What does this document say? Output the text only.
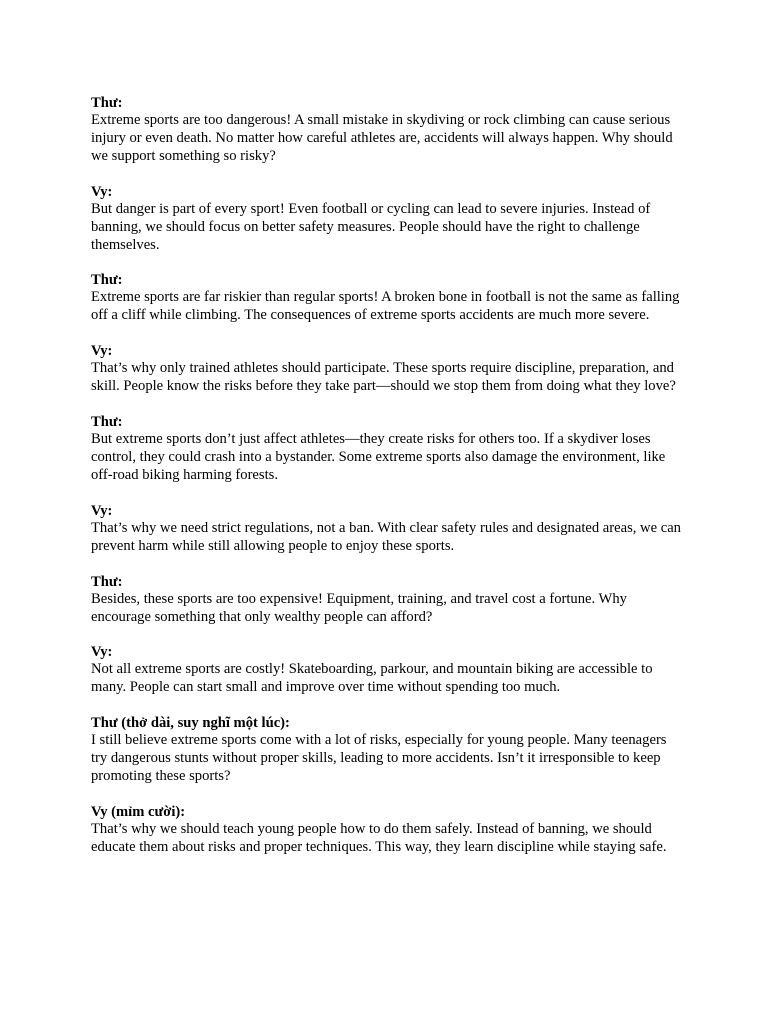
Thư:
Extreme sports are too dangerous! A small mistake in skydiving or rock climbing can cause serious injury or even death. No matter how careful athletes are, accidents will always happen. Why should we support something so risky?
Vy:
But danger is part of every sport! Even football or cycling can lead to severe injuries. Instead of banning, we should focus on better safety measures. People should have the right to challenge themselves.
Thư:
Extreme sports are far riskier than regular sports! A broken bone in football is not the same as falling off a cliff while climbing. The consequences of extreme sports accidents are much more severe.
Vy:
That’s why only trained athletes should participate. These sports require discipline, preparation, and skill. People know the risks before they take part—should we stop them from doing what they love?
Thư:
But extreme sports don’t just affect athletes—they create risks for others too. If a skydiver loses control, they could crash into a bystander. Some extreme sports also damage the environment, like off-road biking harming forests.
Vy:
That’s why we need strict regulations, not a ban. With clear safety rules and designated areas, we can prevent harm while still allowing people to enjoy these sports.
Thư:
Besides, these sports are too expensive! Equipment, training, and travel cost a fortune. Why encourage something that only wealthy people can afford?
Vy:
Not all extreme sports are costly! Skateboarding, parkour, and mountain biking are accessible to many. People can start small and improve over time without spending too much.
Thư (thở dài, suy nghĩ một lúc):
I still believe extreme sports come with a lot of risks, especially for young people. Many teenagers try dangerous stunts without proper skills, leading to more accidents. Isn’t it irresponsible to keep promoting these sports?
Vy (mỉm cười):
That’s why we should teach young people how to do them safely. Instead of banning, we should educate them about risks and proper techniques. This way, they learn discipline while staying safe.
